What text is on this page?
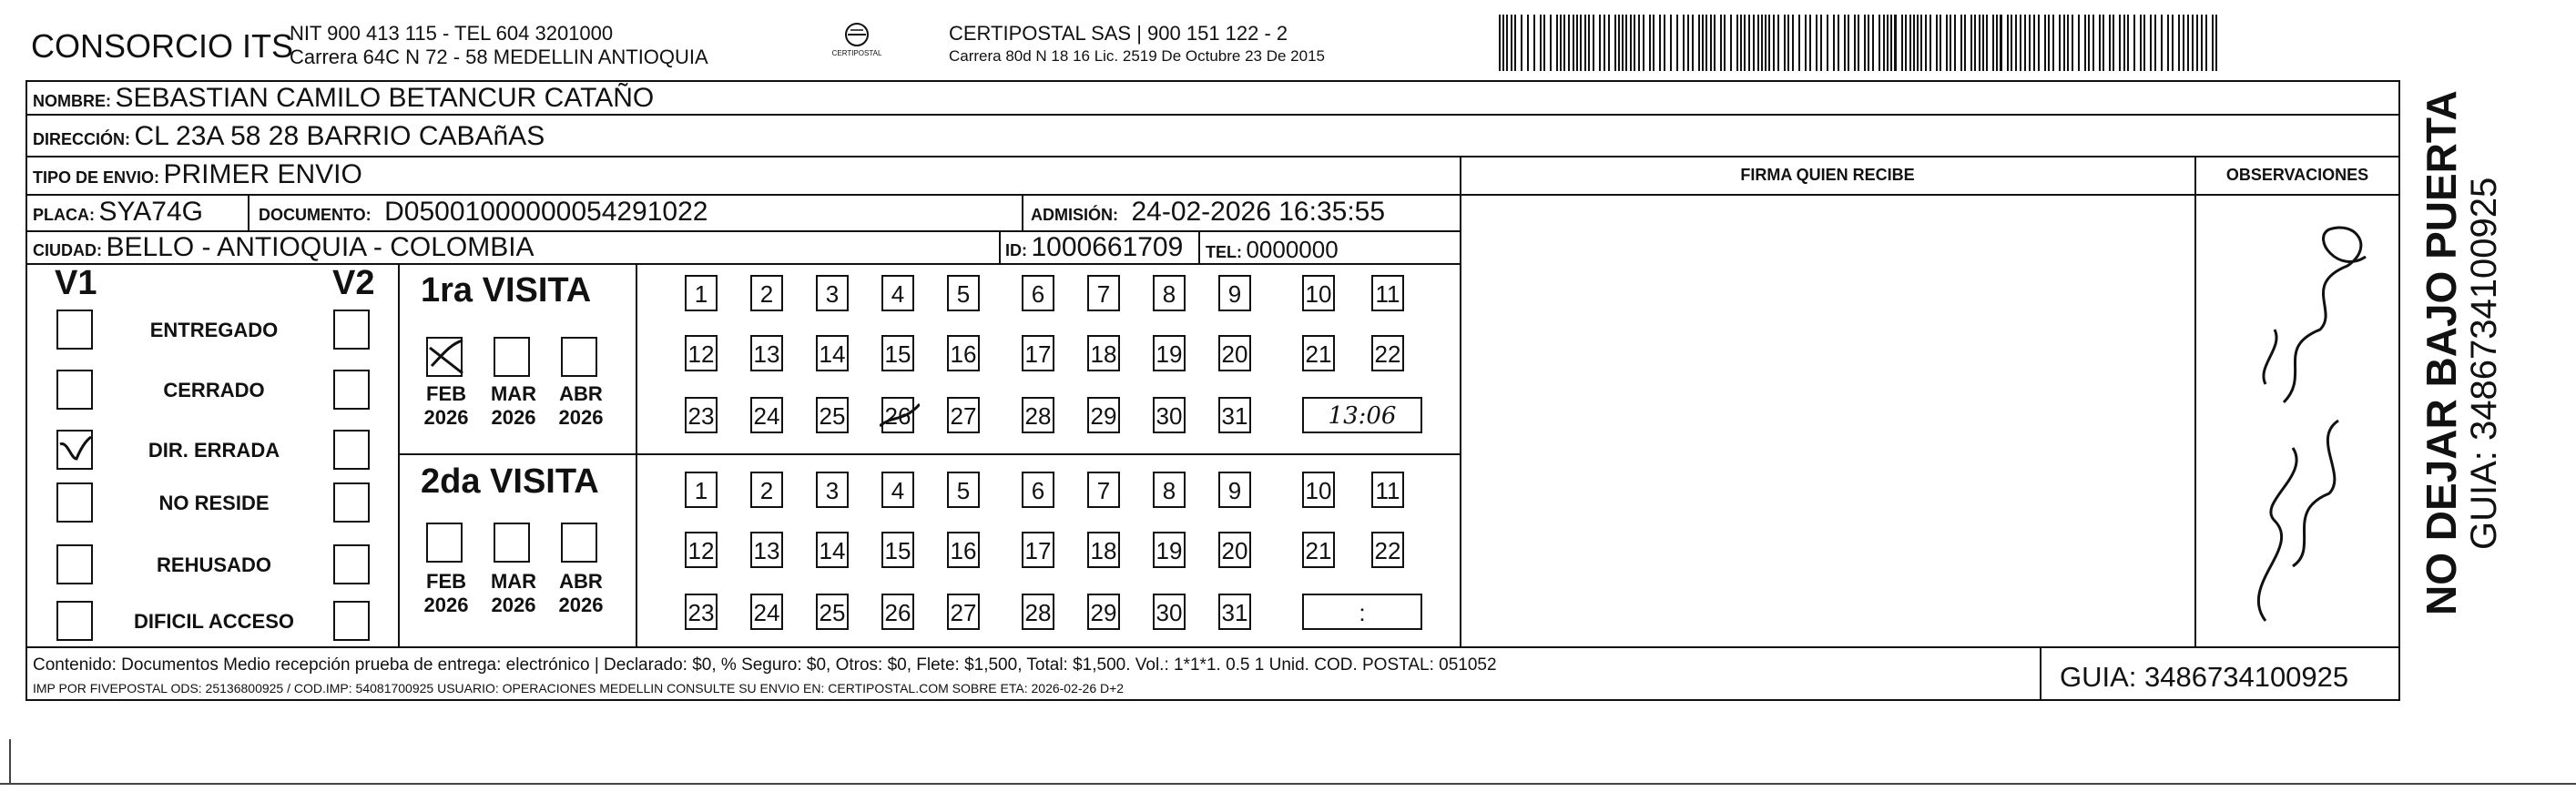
CONSORCIO ITS
NIT 900 413 115 - TEL 604 3201000
Carrera 64C N 72 - 58 MEDELLIN ANTIOQUIA	CERTIPOSTAL
CERTIPOSTAL SAS | 900 151 122 - 2
Carrera 80d N 18 16 Lic. 2519 De Octubre 23 De 2015
NOMBRE: SEBASTIAN CAMILO BETANCUR CATAÑO
DIRECCIÓN: CL 23A 58 28 BARRIO CABAñAS
TIPO DE ENVIO: PRIMER ENVIO	FIRMA QUIEN RECIBE	OBSERVACIONES
PLACA: SYA74G	DOCUMENTO: D05001000000054291022	ADMISIÓN: 24-02-2026 16:35:55
CIUDAD: BELLO - ANTIOQUIA - COLOMBIA	ID: 1000661709 TEL: 0000000
V1	V2
ENTREGADO
CERRADO
DIR. ERRADA
NO RESIDE
REHUSADO
DIFICIL ACCESO
1ra VISITA
FEB
2026
MAR
2026
ABR
2026
1	2	3	4	5	6	7	8	9	10 11
12 13 14 15 16 17 18 19 20 21 22
23 24 25 26 27 28 29 30 31	13:06
2da VISITA
FEB
2026
MAR
2026
ABR
2026
1	2	3	4	5	6	7	8	9	10 11
12 13 14 15 16 17 18 19 20 21 22
23 24 25 26 27 28 29 30 31	:
Contenido: Documentos Medio recepción prueba de entrega: electrónico | Declarado: $0, % Seguro: $0, Otros: $0, Flete: $1,500, Total: $1,500. Vol.: 1*1*1. 0.5 1 Unid. COD. POSTAL: 051052
IMP POR FIVEPOSTAL ODS: 25136800925 / COD.IMP: 54081700925 USUARIO: OPERACIONES MEDELLIN CONSULTE SU ENVIO EN: CERTIPOSTAL.COM SOBRE ETA: 2026-02-26 D+2	GUIA: 3486734100925
NO DEJAR BAJO PUERTA GUIA: 3486734100925
